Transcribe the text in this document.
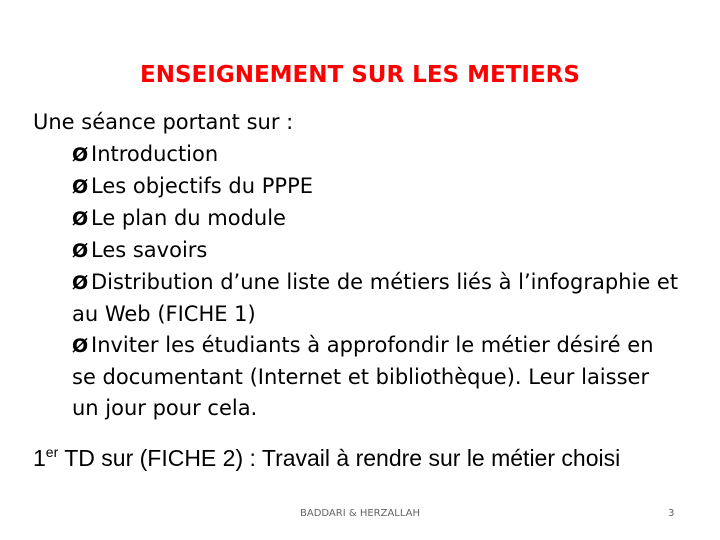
ENSEIGNEMENT SUR LES METIERS
Une séance portant sur :
Ø Introduction
Ø Les objectifs du PPPE
Ø Le plan du module
Ø Les savoirs
Ø Distribution d’une liste de métiers liés à l’infographie et au Web (FICHE 1)
Ø Inviter les étudiants à approfondir le métier désiré en se documentant (Internet et bibliothèque). Leur laisser un jour pour cela.
1er TD sur (FICHE 2) : Travail à rendre sur le métier choisi
BADDARI & HERZALLAH	3
